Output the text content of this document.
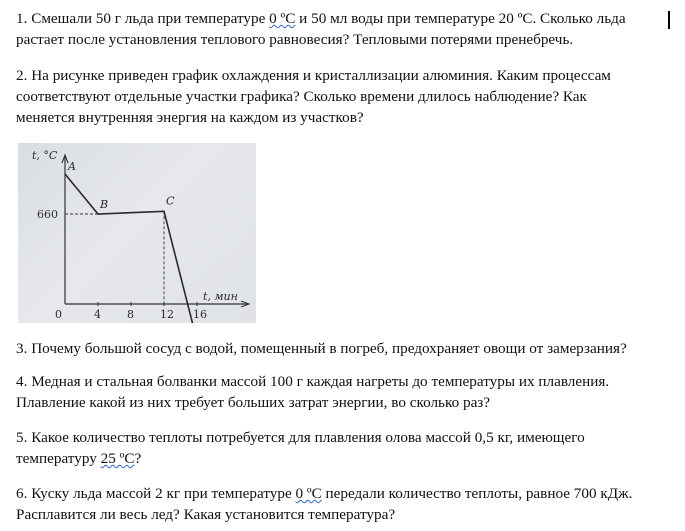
1. Смешали 50 г льда при температуре 0 ºС и 50 мл воды при температуре 20 ºС. Сколько льда
растает после установления теплового равновесия? Тепловыми потерями пренебречь.
2. На рисунке приведен график охлаждения и кристаллизации алюминия. Каким процессам
соответствуют отдельные участки графика? Сколько времени длилось наблюдение? Как
меняется внутренняя энергия на каждом из участков?
660
A
B	C
0	4 8 12 16
t, мин
t, °C
3. Почему большой сосуд с водой, помещенный в погреб, предохраняет овощи от замерзания?
4. Медная и стальная болванки массой 100 г каждая нагреты до температуры их плавления.
Плавление какой из них требует больших затрат энергии, во сколько раз?
5. Какое количество теплоты потребуется для плавления олова массой 0,5 кг, имеющего
температуру 25 ºС?
6. Куску льда массой 2 кг при температуре 0 ºС передали количество теплоты, равное 700 кДж.
Расплавится ли весь лед? Какая установится температура?
